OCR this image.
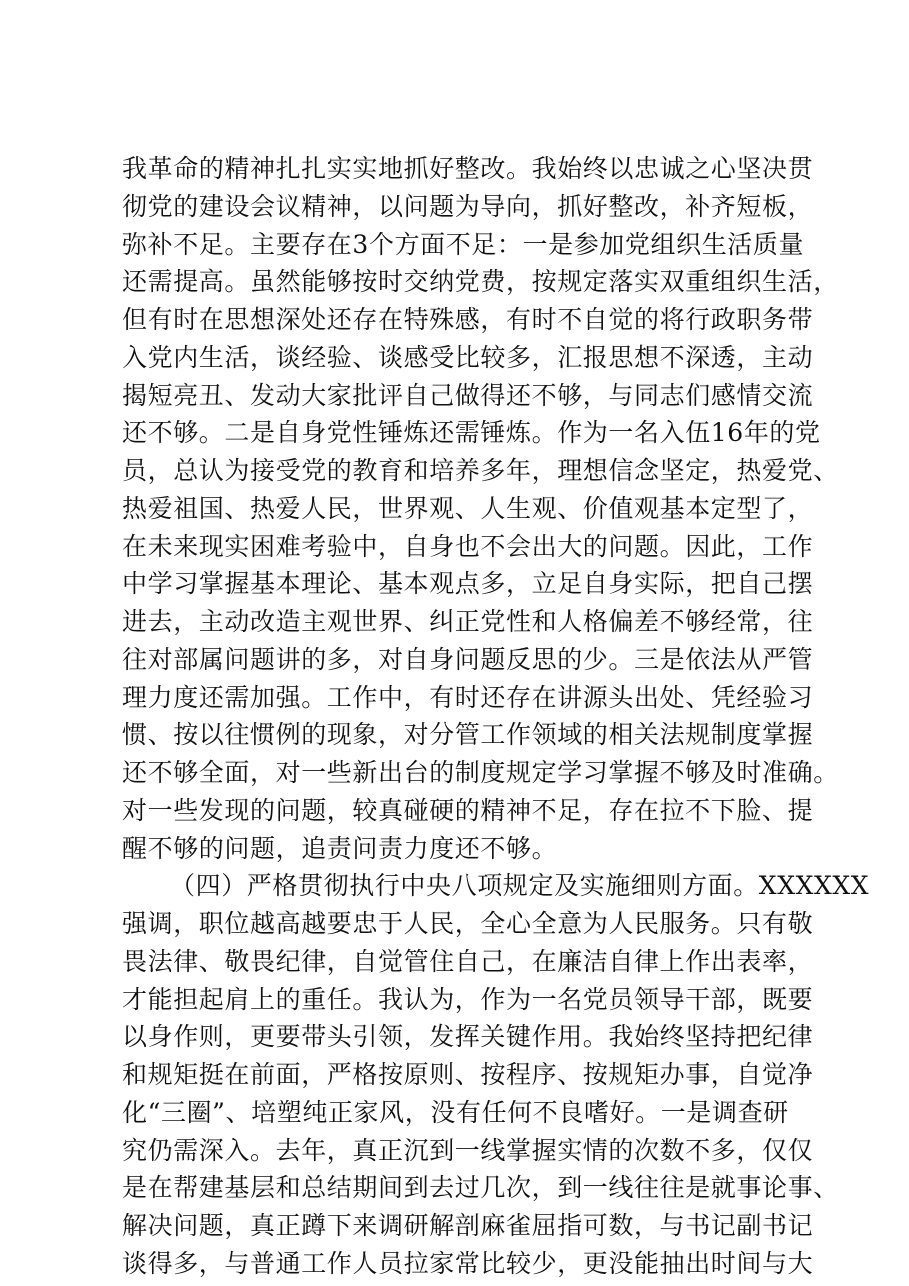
我革命的精神扎扎实实地抓好整改。我始终以忠诚之心坚决贯
彻党的建设会议精神，以问题为导向，抓好整改，补齐短板，
弥补不足。主要存在3个方面不足：一是参加党组织生活质量
还需提高。虽然能够按时交纳党费，按规定落实双重组织生活，
但有时在思想深处还存在特殊感，有时不自觉的将行政职务带
入党内生活，谈经验、谈感受比较多，汇报思想不深透，主动
揭短亮丑、发动大家批评自己做得还不够，与同志们感情交流
还不够。二是自身党性锤炼还需锤炼。作为一名入伍16年的党
员，总认为接受党的教育和培养多年，理想信念坚定，热爱党、
热爱祖国、热爱人民，世界观、人生观、价值观基本定型了，
在未来现实困难考验中，自身也不会出大的问题。因此，工作
中学习掌握基本理论、基本观点多，立足自身实际，把自己摆
进去，主动改造主观世界、纠正党性和人格偏差不够经常，往
往对部属问题讲的多，对自身问题反思的少。三是依法从严管
理力度还需加强。工作中，有时还存在讲源头出处、凭经验习
惯、按以往惯例的现象，对分管工作领域的相关法规制度掌握
还不够全面，对一些新出台的制度规定学习掌握不够及时准确。
对一些发现的问题，较真碰硬的精神不足，存在拉不下脸、提
醒不够的问题，追责问责力度还不够。
（四）严格贯彻执行中央八项规定及实施细则方面。XXXXXX
强调，职位越高越要忠于人民，全心全意为人民服务。只有敬
畏法律、敬畏纪律，自觉管住自己，在廉洁自律上作出表率，
才能担起肩上的重任。我认为，作为一名党员领导干部，既要
以身作则，更要带头引领，发挥关键作用。我始终坚持把纪律
和规矩挺在前面，严格按原则、按程序、按规矩办事，自觉净
化“三圈”、培塑纯正家风，没有任何不良嗜好。一是调查研
究仍需深入。去年，真正沉到一线掌握实情的次数不多，仅仅
是在帮建基层和总结期间到去过几次，到一线往往是就事论事、
解决问题，真正蹲下来调研解剖麻雀屈指可数，与书记副书记
谈得多，与普通工作人员拉家常比较少，更没能抽出时间与大
